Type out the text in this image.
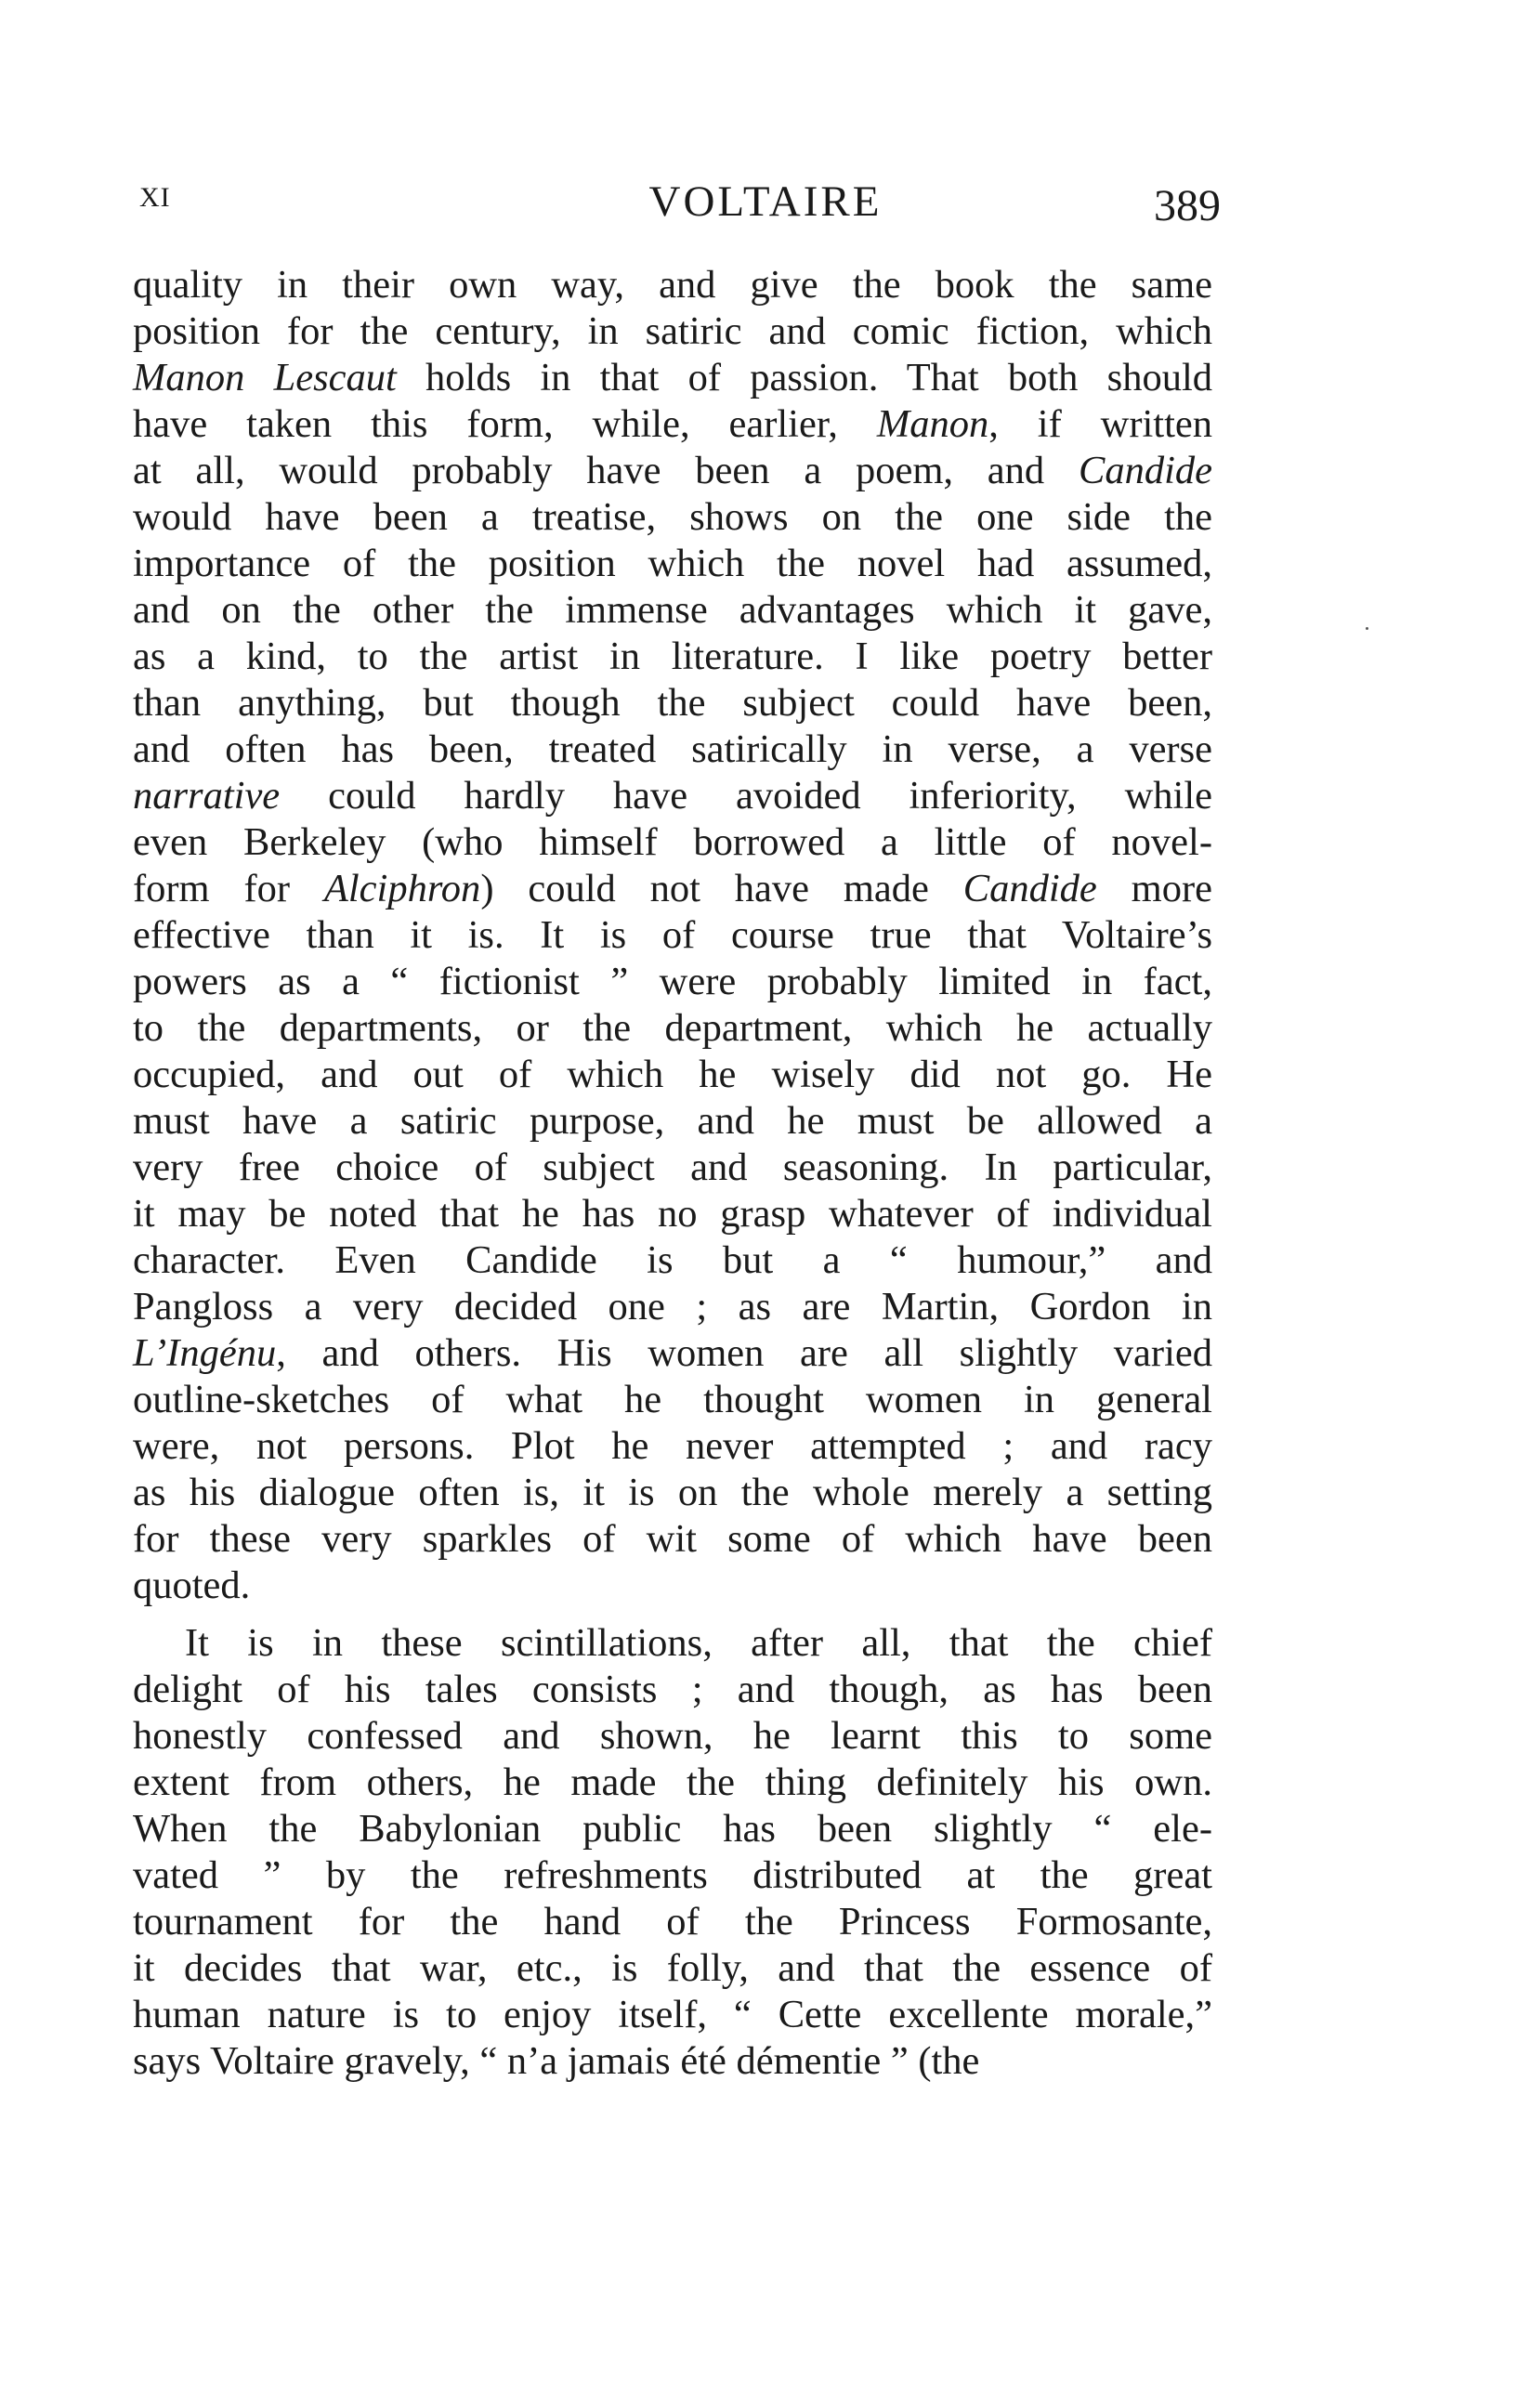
XI	VOLTAIRE	389
quality in their own way, and give the book the same
position for the century, in satiric and comic fiction, which
Manon Lescaut holds in that of passion. That both should
have taken this form, while, earlier, Manon, if written
at all, would probably have been a poem, and Candide
would have been a treatise, shows on the one side the
importance of the position which the novel had assumed,
and on the other the immense advantages which it gave,
as a kind, to the artist in literature. I like poetry better
than anything, but though the subject could have been,
and often has been, treated satirically in verse, a verse
narrative could hardly have avoided inferiority, while
even Berkeley (who himself borrowed a little of novel-
form for Alciphron) could not have made Candide more
effective than it is. It is of course true that Voltaire’s
powers as a “ fictionist ” were probably limited in fact,
to the departments, or the department, which he actually
occupied, and out of which he wisely did not go. He
must have a satiric purpose, and he must be allowed a
very free choice of subject and seasoning. In particular,
it may be noted that he has no grasp whatever of individual
character. Even Candide is but a “ humour,” and
Pangloss a very decided one ; as are Martin, Gordon in
L’Ingénu, and others. His women are all slightly varied
outline-sketches of what he thought women in general
were, not persons. Plot he never attempted ; and racy
as his dialogue often is, it is on the whole merely a setting
for these very sparkles of wit some of which have been
quoted.
It is in these scintillations, after all, that the chief
delight of his tales consists ; and though, as has been
honestly confessed and shown, he learnt this to some
extent from others, he made the thing definitely his own.
When the Babylonian public has been slightly “ ele-
vated ” by the refreshments distributed at the great
tournament for the hand of the Princess Formosante,
it decides that war, etc., is folly, and that the essence of
human nature is to enjoy itself, “ Cette excellente morale,”
says Voltaire gravely, “ n’a jamais été démentie ” (the
